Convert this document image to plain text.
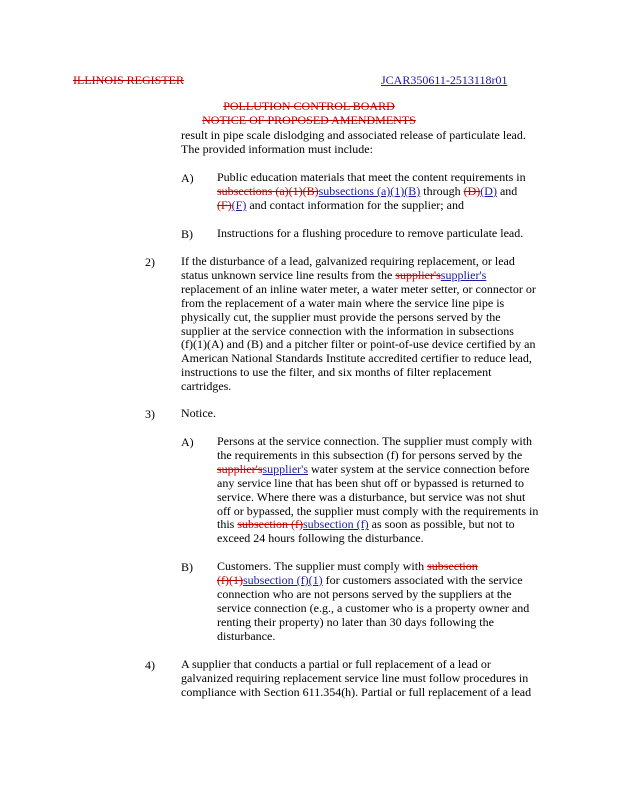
ILLINOIS REGISTER	JCAR350611-2513118r01
POLLUTION CONTROL BOARD
NOTICE OF PROPOSED AMENDMENTS

result in pipe scale dislodging and associated release of particulate lead.

The provided information must include:

A) Public education materials that meet the content requirements in

subsections (a)(1)(B)subsections (a)(1)(B) through (D)(D) and

(F)(F) and contact information for the supplier; and

B) Instructions for a flushing procedure to remove particulate lead.
2) If the disturbance of a lead, galvanized requiring replacement, or lead

status unknown service line results from the supplier'ssupplier's

replacement of an inline water meter, a water meter setter, or connector or

from the replacement of a water main where the service line pipe is

physically cut, the supplier must provide the persons served by the

supplier at the service connection with the information in subsections

(f)(1)(A) and (B) and a pitcher filter or point-of-use device certified by an

American National Standards Institute accredited certifier to reduce lead,

instructions to use the filter, and six months of filter replacement

cartridges.

3) Notice.
A) Persons at the service connection. The supplier must comply with

the requirements in this subsection (f) for persons served by the

supplier'ssupplier's water system at the service connection before

any service line that has been shut off or bypassed is returned to

service. Where there was a disturbance, but service was not shut

off or bypassed, the supplier must comply with the requirements in

this subsection (f)subsection (f) as soon as possible, but not to

exceed 24 hours following the disturbance.

B) Customers. The supplier must comply with subsection

(f)(1)subsection (f)(1) for customers associated with the service

connection who are not persons served by the suppliers at the

service connection (e.g., a customer who is a property owner and

renting their property) no later than 30 days following the

disturbance.

4) A supplier that conducts a partial or full replacement of a lead or

galvanized requiring replacement service line must follow procedures in

compliance with Section 611.354(h). Partial or full replacement of a lead
